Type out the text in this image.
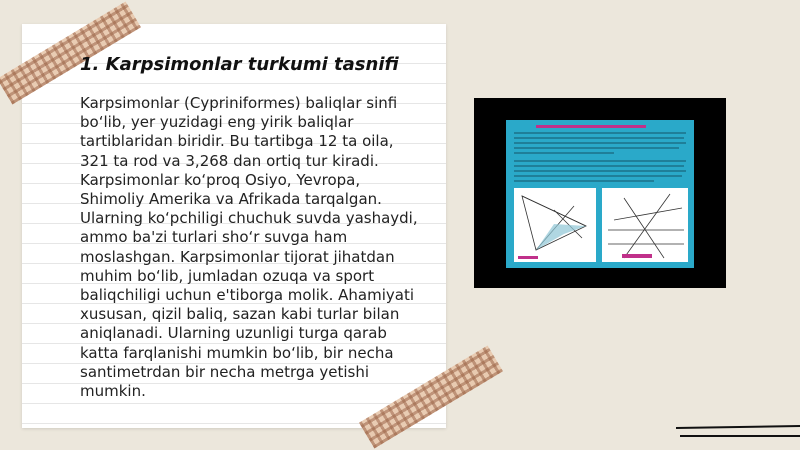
1. Karpsimonlar turkumi tasnifi

Karpsimonlar (Cypriniformes) baliqlar sinfi bo‘lib, yer yuzidagi eng yirik baliqlar tartiblaridan biridir. Bu tartibga 12 ta oila, 321 ta rod va 3,268 dan ortiq tur kiradi. Karpsimonlar ko‘proq Osiyo, Yevropa, Shimoliy Amerika va Afrikada tarqalgan. Ularning ko‘pchiligi chuchuk suvda yashaydi, ammo ba'zi turlari sho‘r suvga ham moslashgan. Karpsimonlar tijorat jihatdan muhim bo‘lib, jumladan ozuqa va sport baliqchiligi uchun e'tiborga molik. Ahamiyati xususan, qizil baliq, sazan kabi turlar bilan aniqlanadi. Ularning uzunligi turga qarab katta farqlanishi mumkin bo‘lib, bir necha santimetrdan bir necha metrga yetishi mumkin.
